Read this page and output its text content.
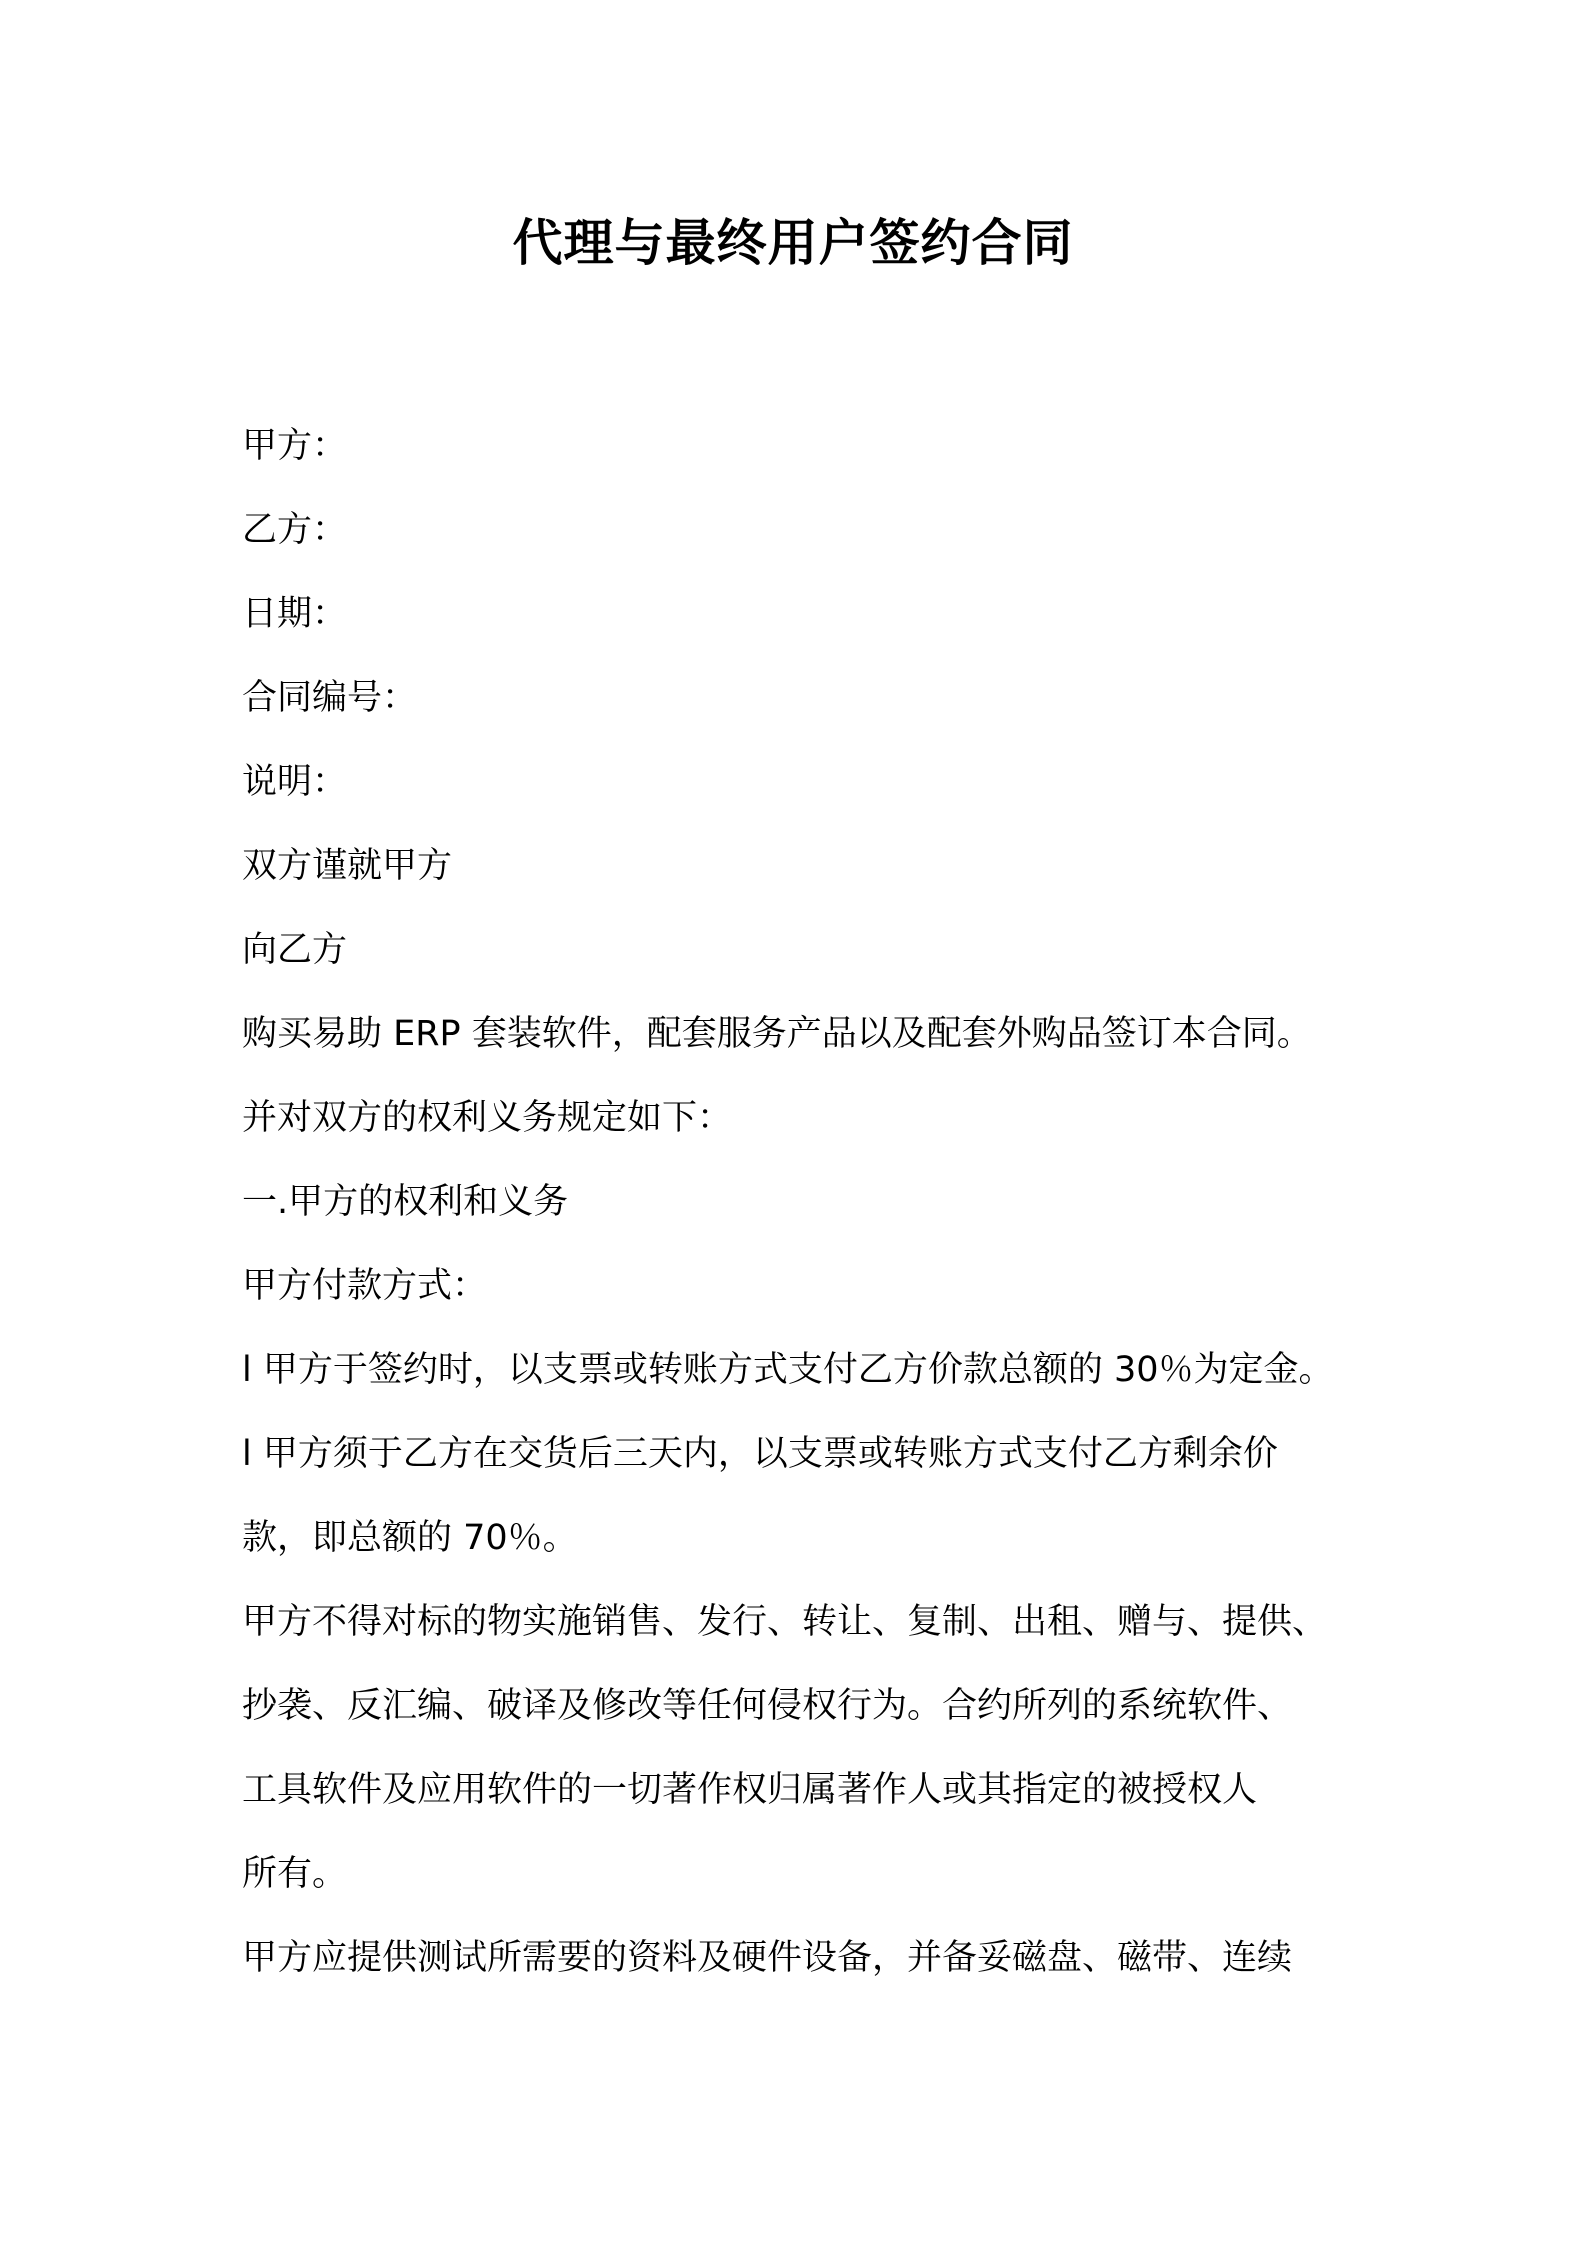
代理与最终用户签约合同
甲方：
乙方：
日期：
合同编号：
说明：
双方谨就甲方
向乙方
购买易助 ERP 套装软件，配套服务产品以及配套外购品签订本合同。
并对双方的权利义务规定如下：
一.甲方的权利和义务
甲方付款方式：
l 甲方于签约时，以支票或转账方式支付乙方价款总额的 30％为定金。
l 甲方须于乙方在交货后三天内，以支票或转账方式支付乙方剩余价
款，即总额的 70％。
甲方不得对标的物实施销售、发行、转让、复制、出租、赠与、提供、
抄袭、反汇编、破译及修改等任何侵权行为。合约所列的系统软件、
工具软件及应用软件的一切著作权归属著作人或其指定的被授权人
所有。
甲方应提供测试所需要的资料及硬件设备，并备妥磁盘、磁带、连续
